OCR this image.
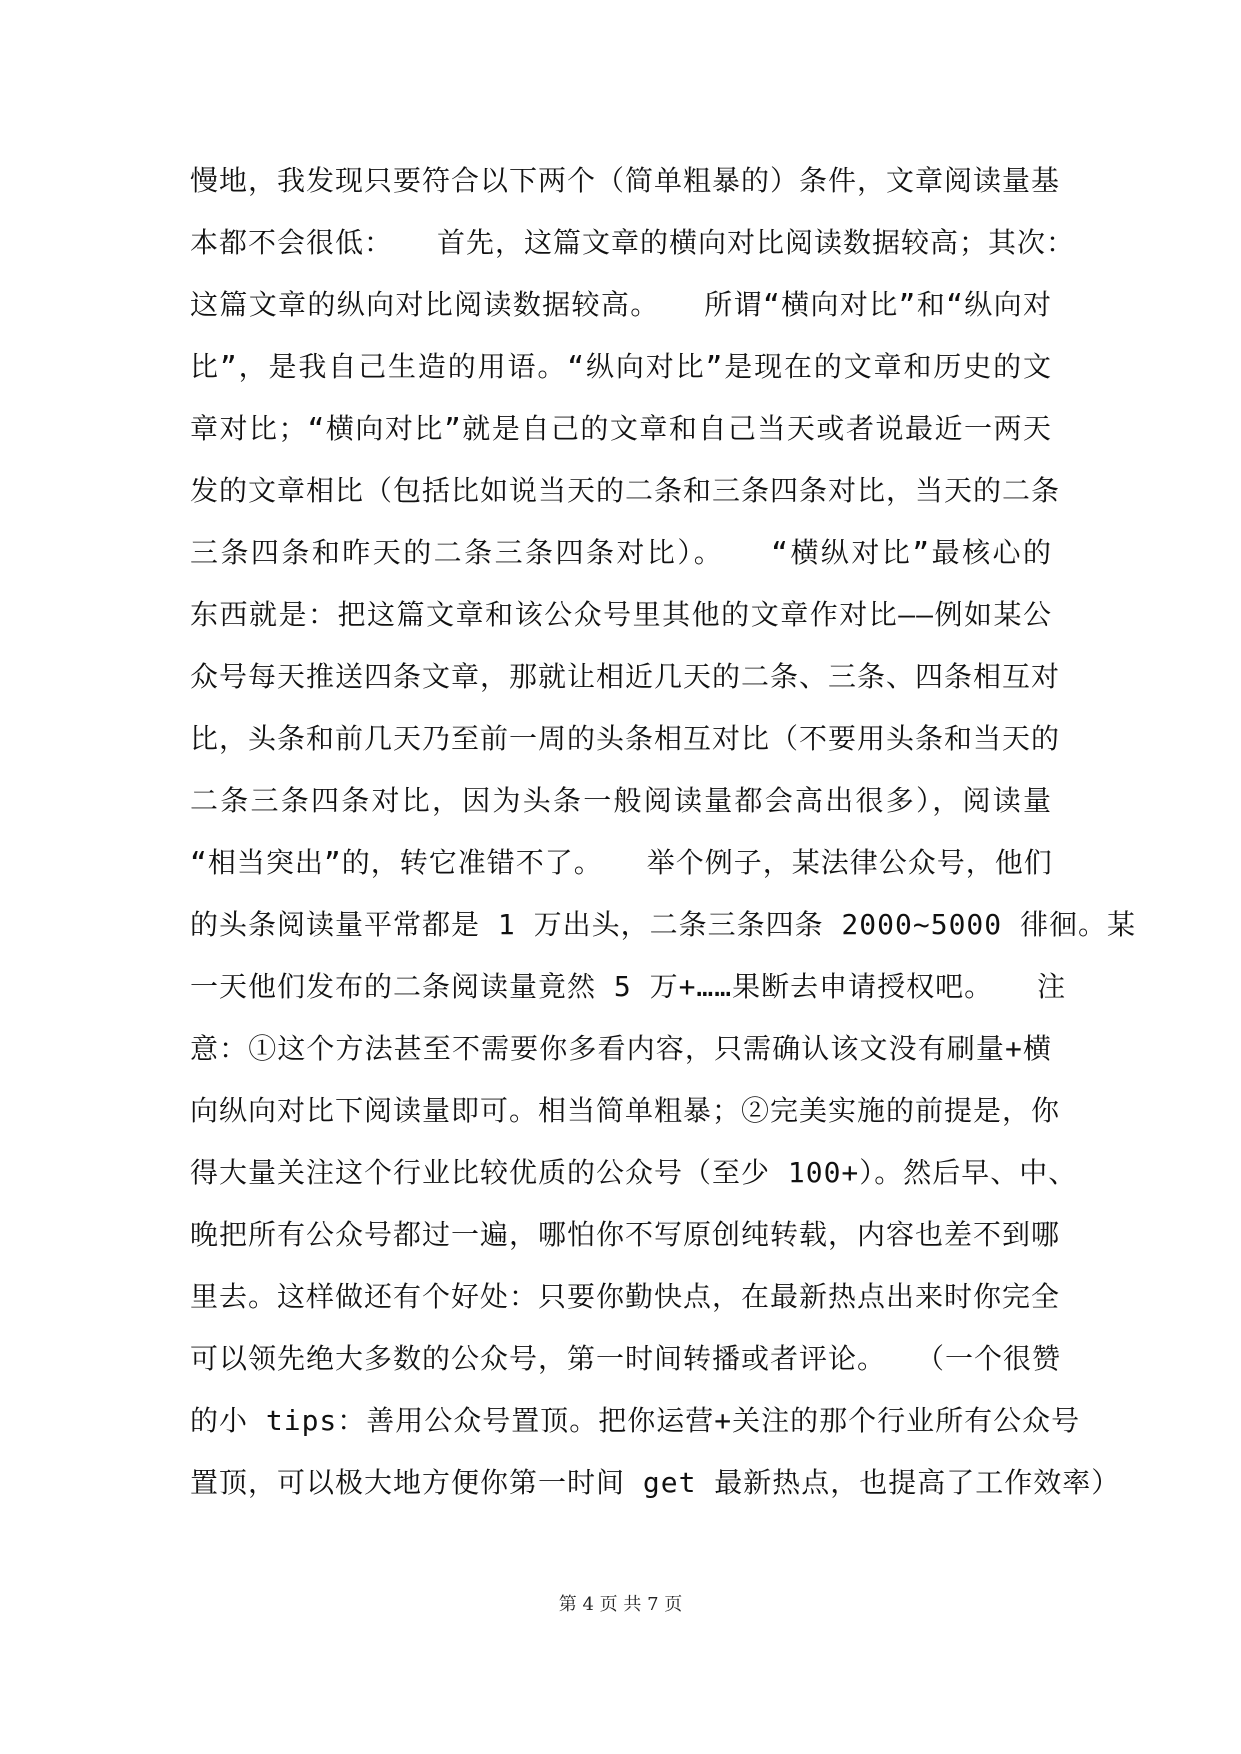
慢地，我发现只要符合以下两个（简单粗暴的）条件，文章阅读量基
本都不会很低：　　首先，这篇文章的横向对比阅读数据较高；其次：
这篇文章的纵向对比阅读数据较高。　　所谓“横向对比”和“纵向对
比”，是我自己生造的用语。“纵向对比”是现在的文章和历史的文
章对比；“横向对比”就是自己的文章和自己当天或者说最近一两天
发的文章相比（包括比如说当天的二条和三条四条对比，当天的二条
三条四条和昨天的二条三条四条对比）。　　“横纵对比”最核心的
东西就是：把这篇文章和该公众号里其他的文章作对比——例如某公
众号每天推送四条文章，那就让相近几天的二条、三条、四条相互对
比，头条和前几天乃至前一周的头条相互对比（不要用头条和当天的
二条三条四条对比，因为头条一般阅读量都会高出很多），阅读量
“相当突出”的，转它准错不了。　　举个例子，某法律公众号，他们
的头条阅读量平常都是 1 万出头，二条三条四条 2000~5000 徘徊。某
一天他们发布的二条阅读量竟然 5 万+……果断去申请授权吧。　　注
意：①这个方法甚至不需要你多看内容，只需确认该文没有刷量+横
向纵向对比下阅读量即可。相当简单粗暴；②完美实施的前提是，你
得大量关注这个行业比较优质的公众号（至少 100+）。然后早、中、
晚把所有公众号都过一遍，哪怕你不写原创纯转载，内容也差不到哪
里去。这样做还有个好处：只要你勤快点，在最新热点出来时你完全
可以领先绝大多数的公众号，第一时间转播或者评论。　　（一个很赞
的小 tips：善用公众号置顶。把你运营+关注的那个行业所有公众号
置顶，可以极大地方便你第一时间 get 最新热点，也提高了工作效率）
第 4 页 共 7 页
